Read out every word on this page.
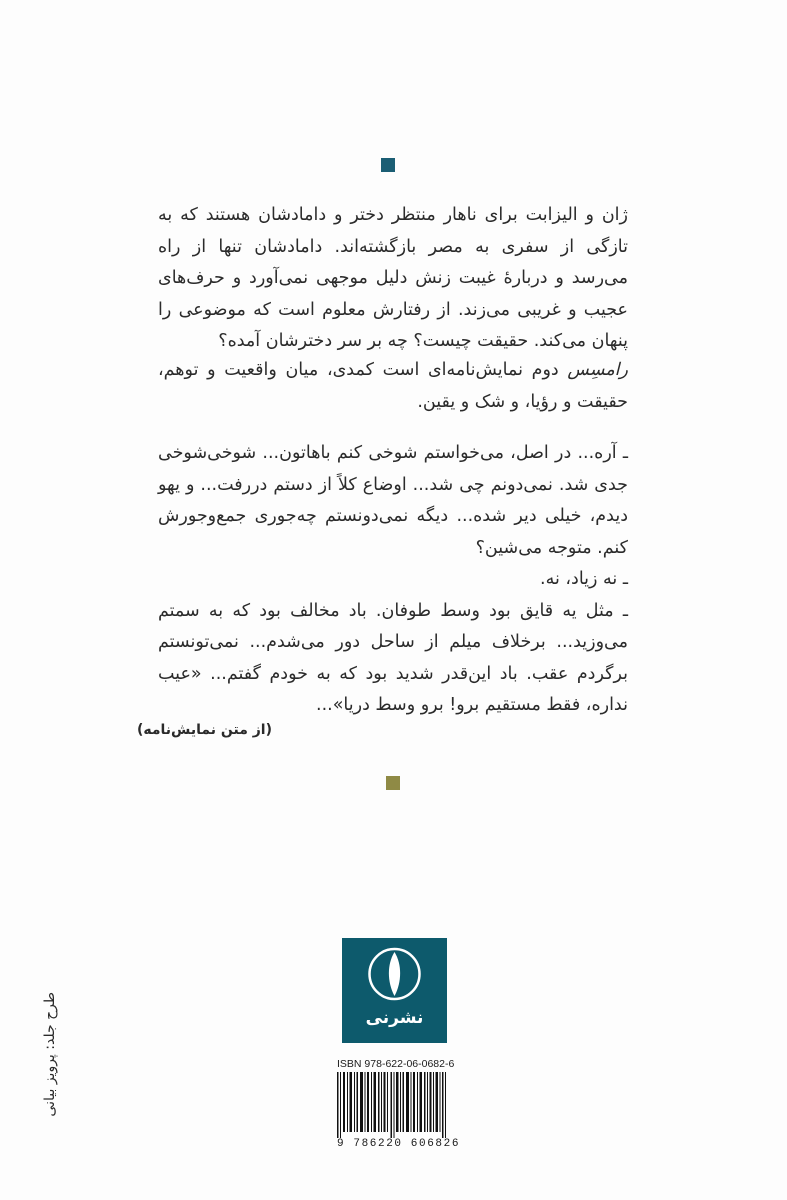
ژان و الیزابت برای ناهار منتظر دختر و دامادشان هستند که به تازگی از سفری به مصر بازگشته‌اند. دامادشان تنها از راه می‌رسد و دربارهٔ غیبت زنش دلیل موجهی نمی‌آورد و حرف‌های عجیب و غریبی می‌زند. از رفتارش معلوم است که موضوعی را پنهان می‌کند. حقیقت چیست؟ چه بر سر دخترشان آمده؟

رامسِس دوم نمایش‌نامه‌ای است کمدی، میان واقعیت و توهم، حقیقت و رؤیا، و شک و یقین.

ـ آره... در اصل، می‌خواستم شوخی کنم باهاتون... شوخی‌شوخی جدی شد. نمی‌دونم چی شد... اوضاع کلاً از دستم دررفت... و یهو دیدم، خیلی دیر شده... دیگه نمی‌دونستم چه‌جوری جمع‌وجورش کنم. متوجه می‌شین؟

ـ نه زیاد، نه.

ـ مثل یه قایق بود وسط طوفان. باد مخالف بود که به سمتم می‌وزید... برخلاف میلم از ساحل دور می‌شدم... نمی‌تونستم برگردم عقب. باد این‌قدر شدید بود که به خودم گفتم... «عیب نداره، فقط مستقیم برو! برو وسط دریا»...

(از متن نمایش‌نامه)
نشرنی
ISBN 978-622-06-0682-6
9 786220 606826
طرح جلد: پرویز بیانی
